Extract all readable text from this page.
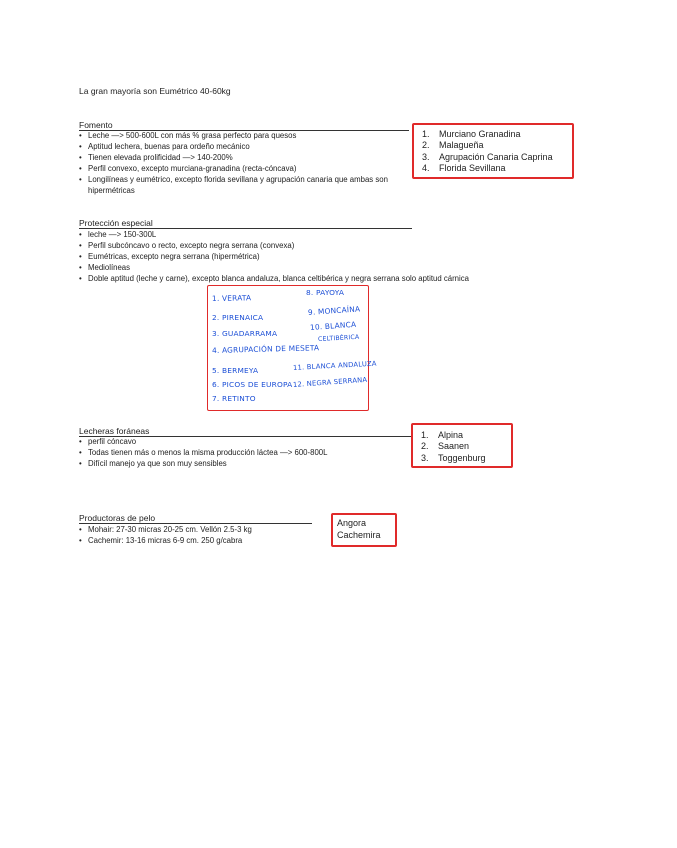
La gran mayoría son Eumétrico 40-60kg
Fomento
• Leche —> 500-600L con más % grasa perfecto para quesos
• Aptitud lechera, buenas para ordeño mecánico
• Tienen elevada prolificidad —> 140-200%
• Perfil convexo, excepto murciana-granadina (recta-cóncava)
• Longilíneas y eumétrico, excepto florida sevillana y agrupación canaria que ambas son hipermétricas
1.	Murciano Granadina
2.	Malagueña
3.	Agrupación Canaria Caprina
4.	Florida Sevillana
Protección especial
• leche —> 150-300L
• Perfil subcóncavo o recto, excepto negra serrana (convexa)
• Eumétricas, excepto negra serrana (hipermétrica)
• Mediolíneas
• Doble aptitud (leche y carne), excepto blanca andaluza, blanca celtibérica y negra serrana solo aptitud cárnica
1. VERATA
2. PIRENAICA
3. GUADARRAMA
4. AGRUPACIÓN DE MESETA
5. BERMEYA
6. PICOS DE EUROPA
7. RETINTO
8. PAYOYA
9. MONCAÍNA
10. BLANCA
CELTIBÉRICA
11. BLANCA ANDALUZA
12. NEGRA SERRANA
Lecheras foráneas
• perfil cóncavo
• Todas tienen más o menos la misma producción láctea —> 600-800L
• Difícil manejo ya que son muy sensibles
1.	Alpina
2.	Saanen
3.	Toggenburg
Productoras de pelo
• Mohair: 27-30 micras 20-25 cm. Vellón 2.5-3 kg
• Cachemir: 13-16 micras 6-9 cm. 250 g/cabra
Angora
Cachemira
